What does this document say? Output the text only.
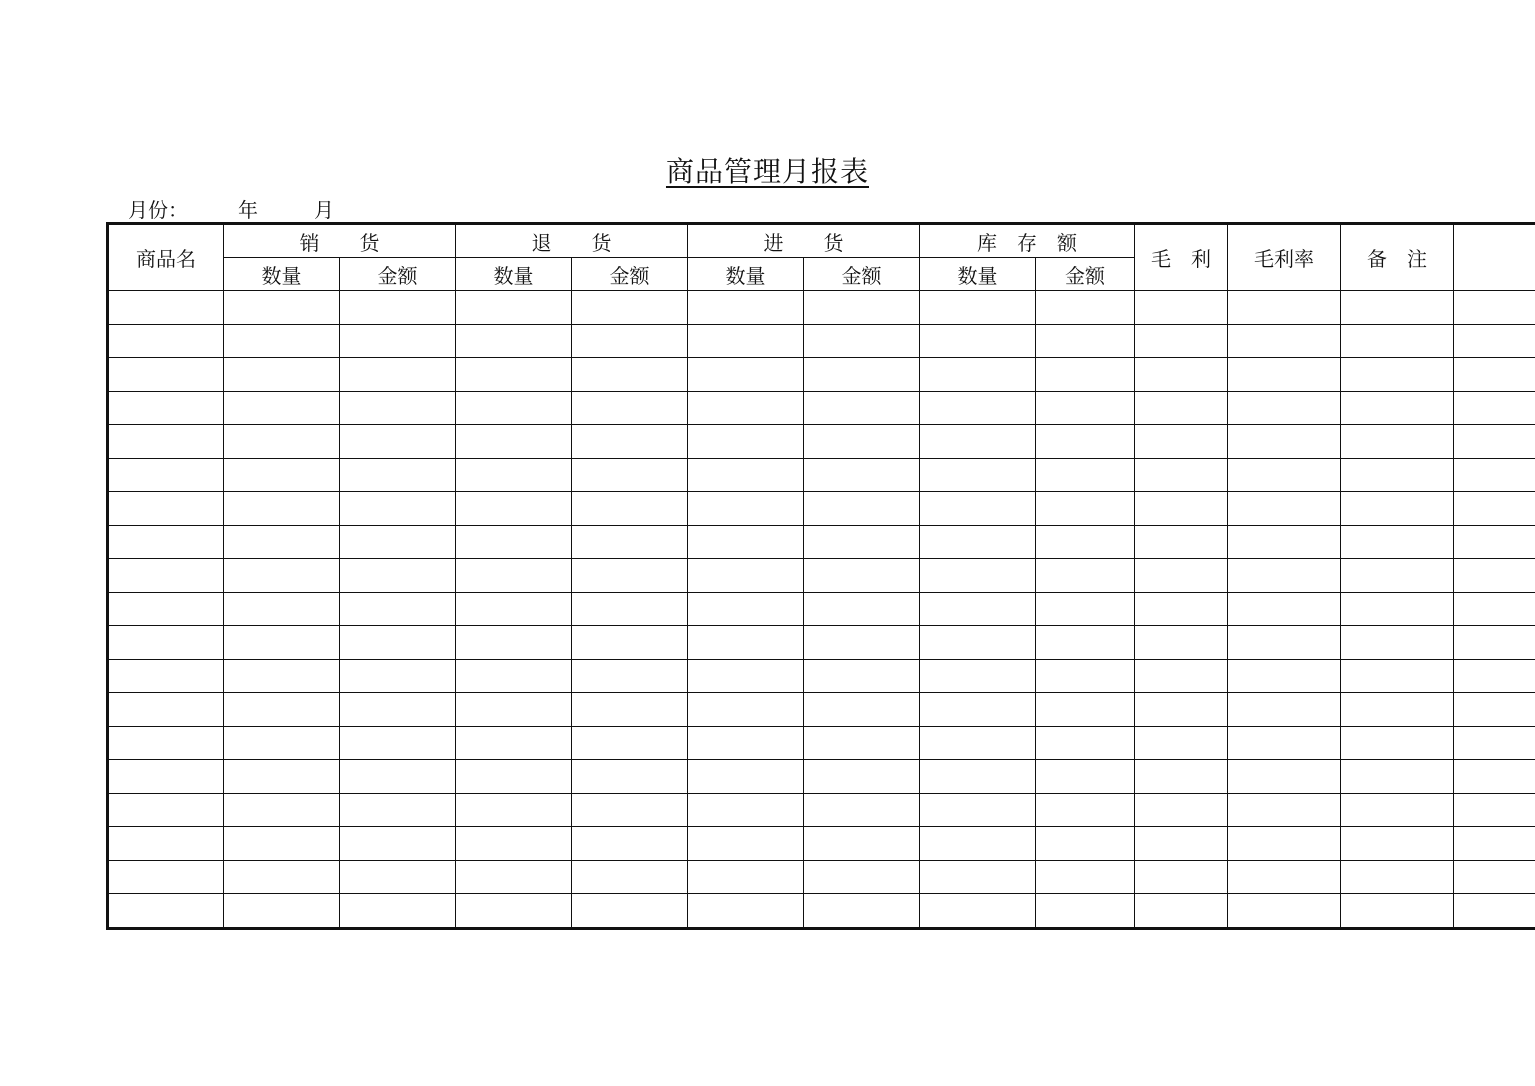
商品管理月报表
月份：	年	月
商品名	销　　货		退　　货		进　　货		库　存　额		毛　利	毛利率	备　注	
	数量	金额	数量	金额	数量	金额	数量	金额				
